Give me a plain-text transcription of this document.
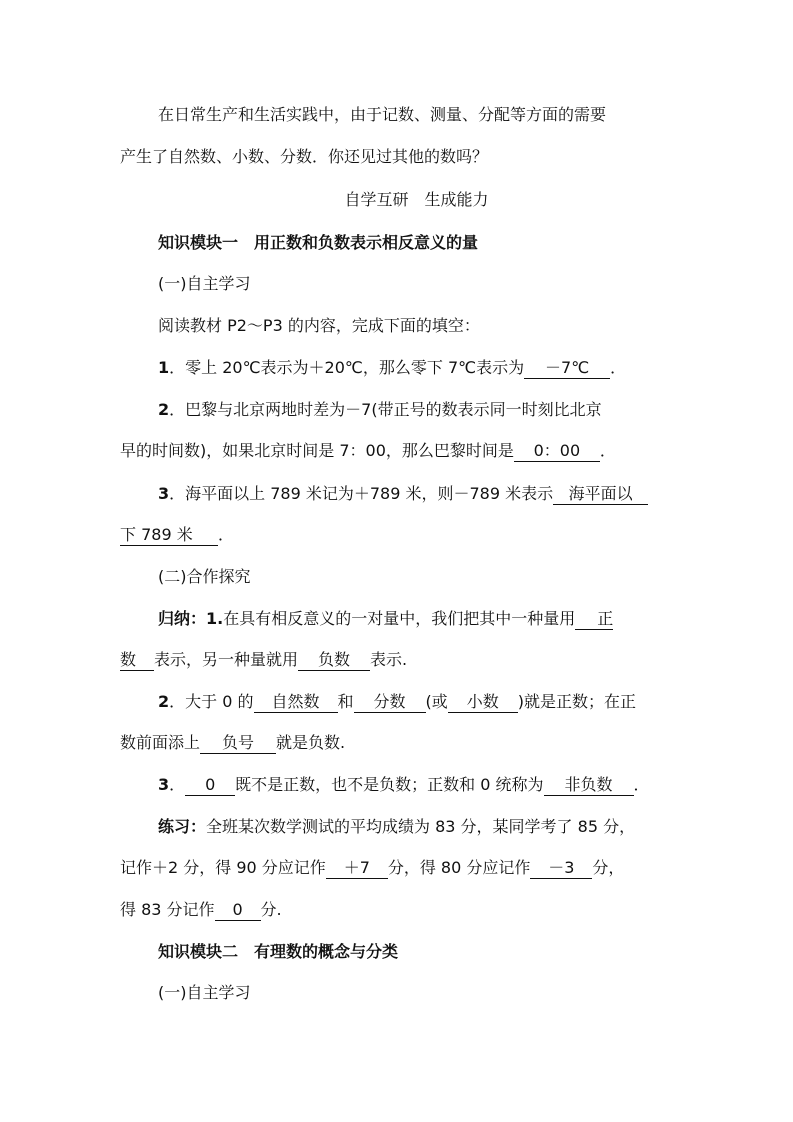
在日常生产和生活实践中，由于记数、测量、分配等方面的需要
产生了自然数、小数、分数．你还见过其他的数吗？
自学互研　生成能力
知识模块一　用正数和负数表示相反意义的量
(一)自主学习
阅读教材 P2～P3 的内容，完成下面的填空：
1．零上 20℃表示为＋20℃，那么零下 7℃表示为 －7℃ ．
2．巴黎与北京两地时差为－7(带正号的数表示同一时刻比北京
早的时间数)，如果北京时间是 7：00，那么巴黎时间是 0：00 ．
3．海平面以上 789 米记为＋789 米，则－789 米表示 海平面以
下 789 米 ．
(二)合作探究
归纳：1.在具有相反意义的一对量中，我们把其中一种量用 正
数 表示，另一种量就用 负数 表示.
2．大于 0 的 自然数 和 分数 (或 小数 )就是正数；在正
数前面添上 负号 就是负数.
3． 0 既不是正数，也不是负数；正数和 0 统称为 非负数 ．
练习：全班某次数学测试的平均成绩为 83 分，某同学考了 85 分，
记作＋2 分，得 90 分应记作 ＋7 分，得 80 分应记作 －3 分，
得 83 分记作 0 分.
知识模块二　有理数的概念与分类
(一)自主学习
